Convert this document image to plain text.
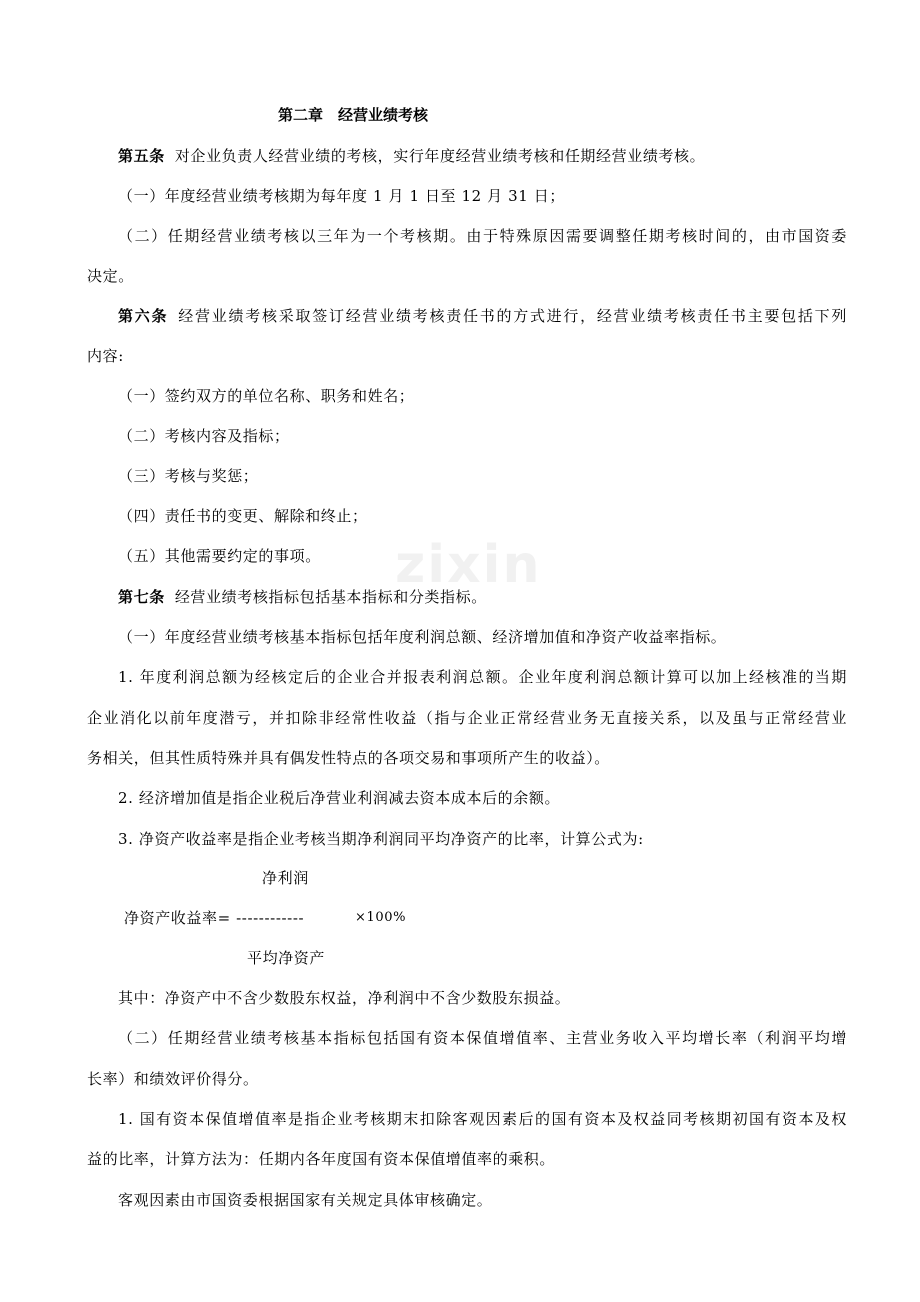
zixin
第二章　经营业绩考核
第五条 对企业负责人经营业绩的考核，实行年度经营业绩考核和任期经营业绩考核。
（一）年度经营业绩考核期为每年度 1 月 1 日至 12 月 31 日；
（二）任期经营业绩考核以三年为一个考核期。由于特殊原因需要调整任期考核时间的，由市国资委
决定。
第六条 经营业绩考核采取签订经营业绩考核责任书的方式进行，经营业绩考核责任书主要包括下列
内容:
（一）签约双方的单位名称、职务和姓名；
（二）考核内容及指标；
（三）考核与奖惩；
（四）责任书的变更、解除和终止；
（五）其他需要约定的事项。
第七条 经营业绩考核指标包括基本指标和分类指标。
（一）年度经营业绩考核基本指标包括年度利润总额、经济增加值和净资产收益率指标。
1. 年度利润总额为经核定后的企业合并报表利润总额。企业年度利润总额计算可以加上经核准的当期
企业消化以前年度潜亏，并扣除非经常性收益（指与企业正常经营业务无直接关系，以及虽与正常经营业
务相关，但其性质特殊并具有偶发性特点的各项交易和事项所产生的收益）。
2. 经济增加值是指企业税后净营业利润减去资本成本后的余额。
3. 净资产收益率是指企业考核当期净利润同平均净资产的比率，计算公式为:
净利润
净资产收益率= ------------	×100%
平均净资产
其中：净资产中不含少数股东权益，净利润中不含少数股东损益。
（二）任期经营业绩考核基本指标包括国有资本保值增值率、主营业务收入平均增长率（利润平均增
长率）和绩效评价得分。
1. 国有资本保值增值率是指企业考核期末扣除客观因素后的国有资本及权益同考核期初国有资本及权
益的比率，计算方法为：任期内各年度国有资本保值增值率的乘积。
客观因素由市国资委根据国家有关规定具体审核确定。
